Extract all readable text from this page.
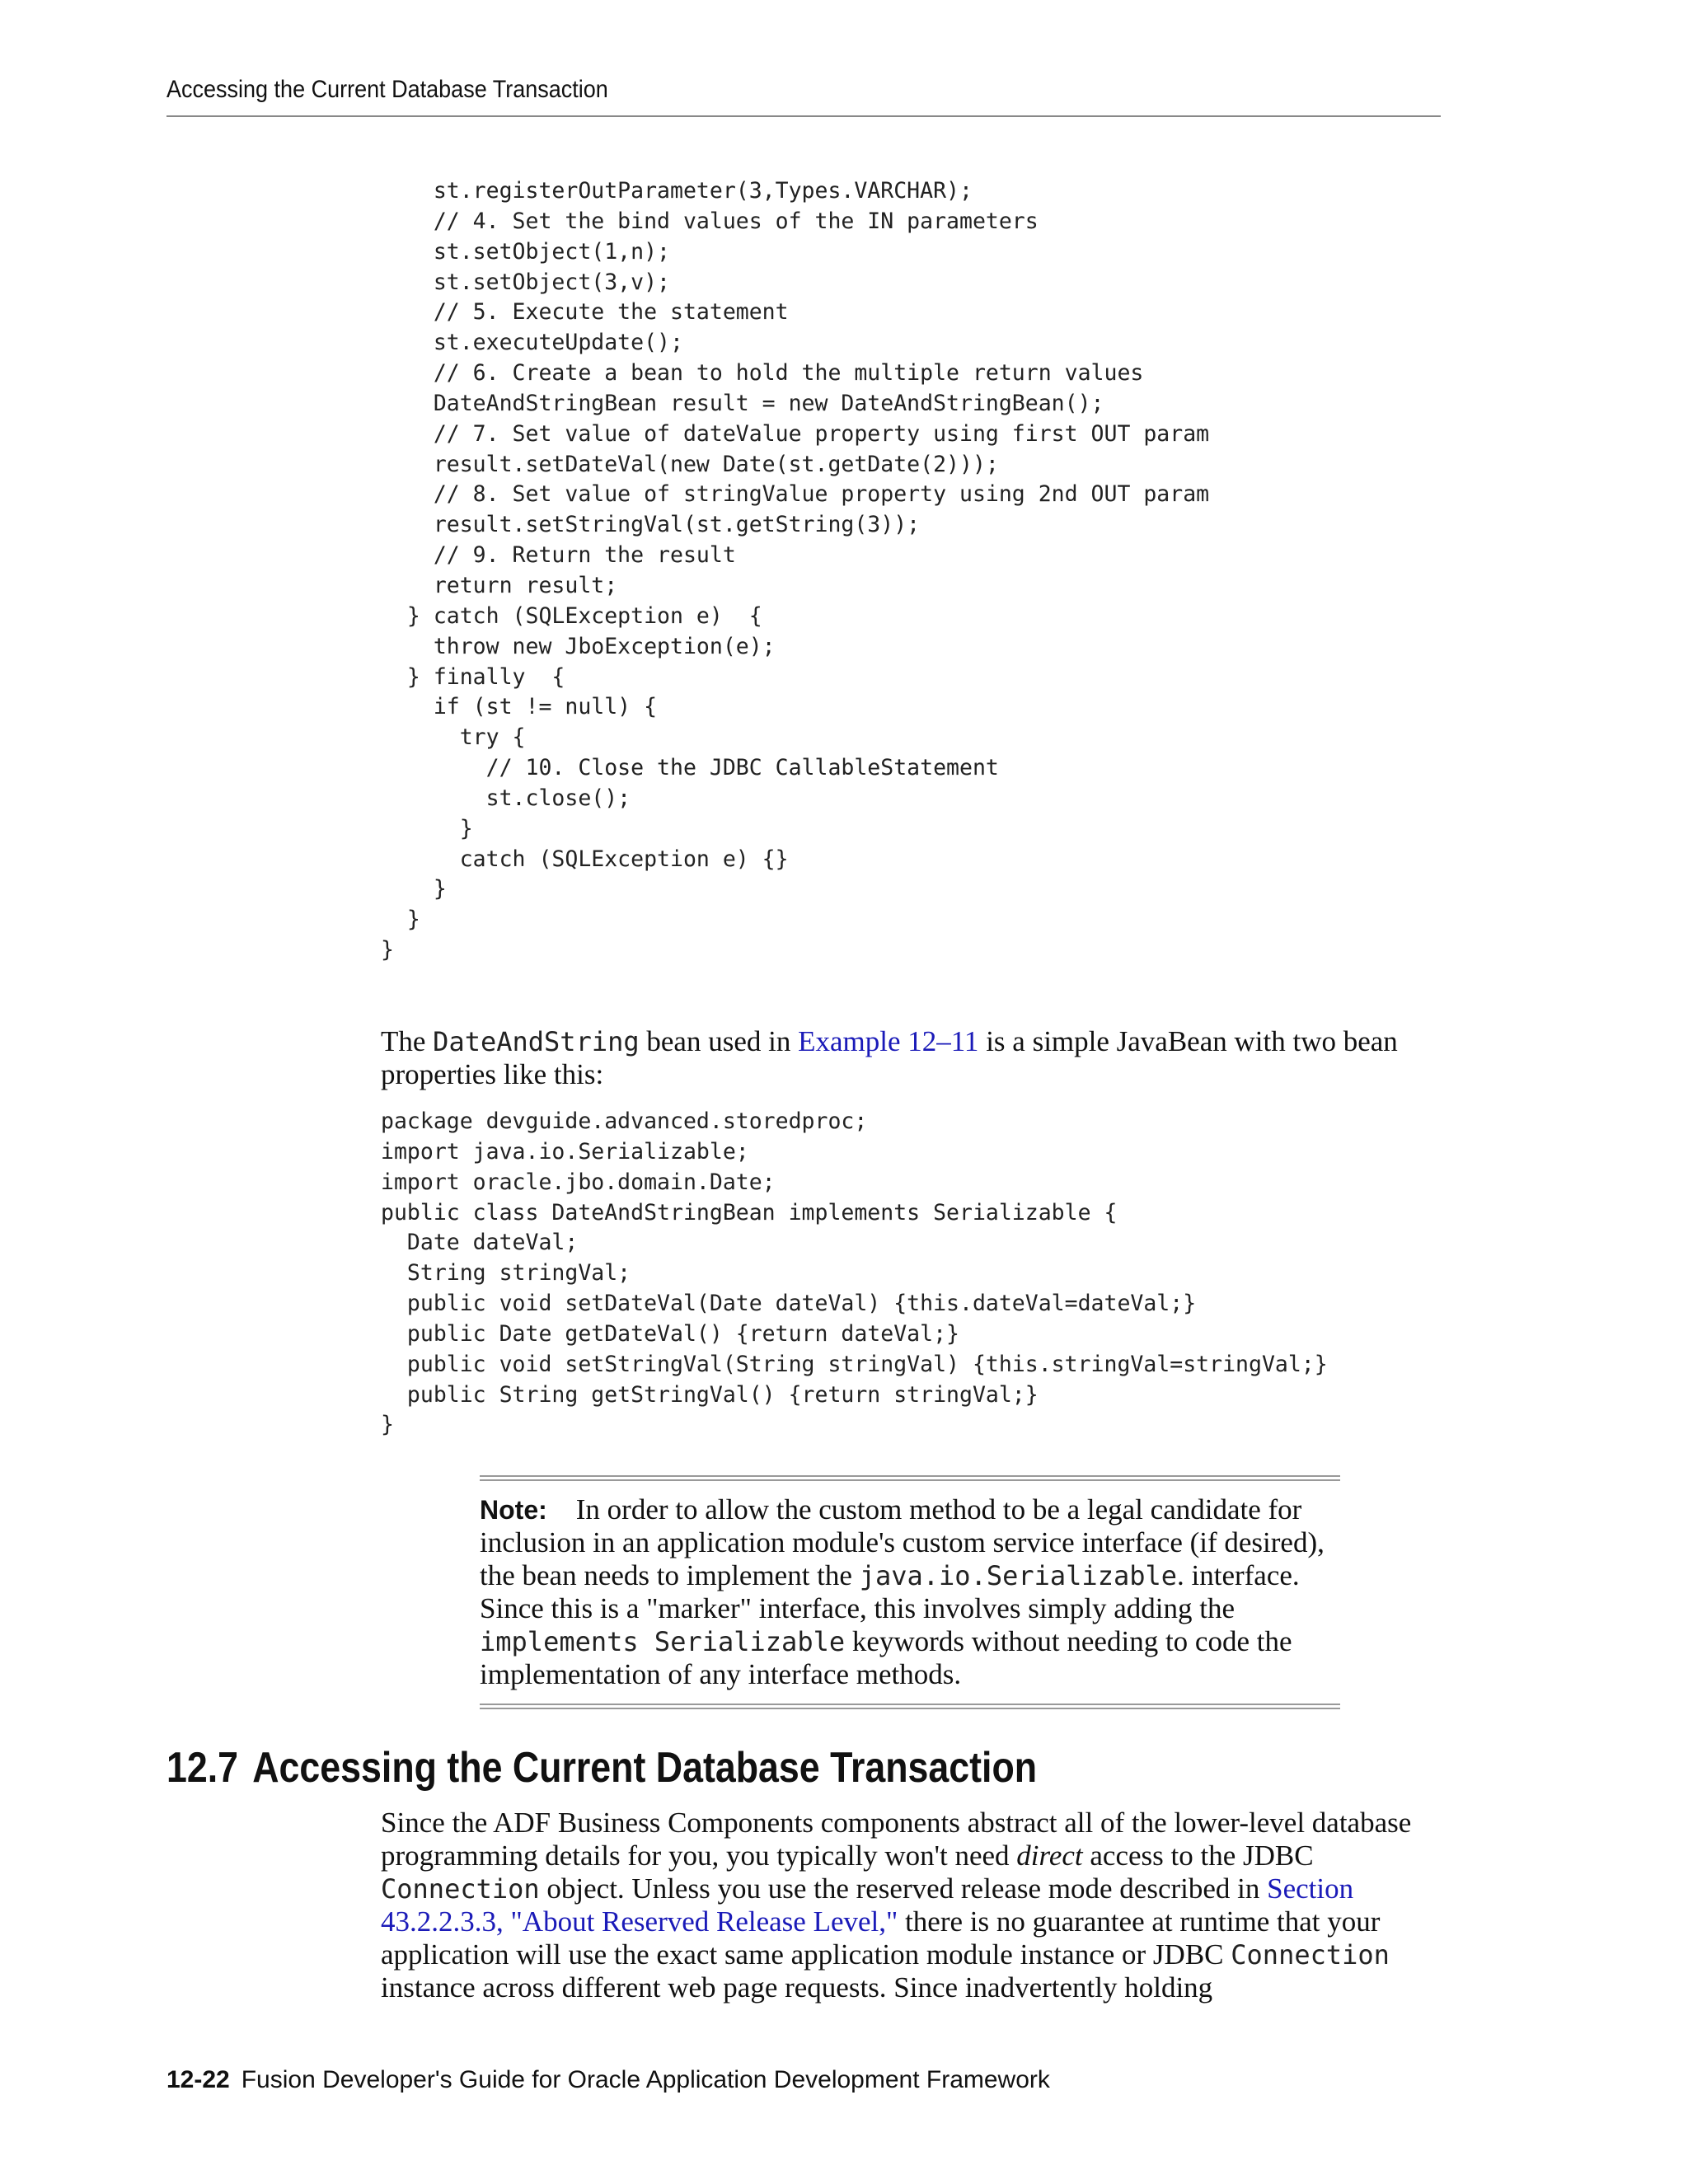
Accessing the Current Database Transaction
st.registerOutParameter(3,Types.VARCHAR);
// 4. Set the bind values of the IN parameters
st.setObject(1,n);
st.setObject(3,v);
// 5. Execute the statement
st.executeUpdate();
// 6. Create a bean to hold the multiple return values
DateAndStringBean result = new DateAndStringBean();
// 7. Set value of dateValue property using first OUT param
result.setDateVal(new Date(st.getDate(2)));
// 8. Set value of stringValue property using 2nd OUT param
result.setStringVal(st.getString(3));
// 9. Return the result
return result;
} catch (SQLException e)  {
throw new JboException(e);
} finally  {
if (st != null) {
try {
// 10. Close the JDBC CallableStatement
st.close();
}
catch (SQLException e) {}
}
}
}

The DateAndString bean used in Example 12–11 is a simple JavaBean with two bean properties like this:

package devguide.advanced.storedproc;
import java.io.Serializable;
import oracle.jbo.domain.Date;
public class DateAndStringBean implements Serializable {
Date dateVal;
String stringVal;
public void setDateVal(Date dateVal) {this.dateVal=dateVal;}
public Date getDateVal() {return dateVal;}
public void setStringVal(String stringVal) {this.stringVal=stringVal;}
public String getStringVal() {return stringVal;}
}

Note: In order to allow the custom method to be a legal candidate for inclusion in an application module's custom service interface (if desired), the bean needs to implement the java.io.Serializable. interface. Since this is a "marker" interface, this involves simply adding the implements Serializable keywords without needing to code the implementation of any interface methods.

12.7 Accessing the Current Database Transaction

Since the ADF Business Components components abstract all of the lower-level database programming details for you, you typically won't need direct access to the JDBC Connection object. Unless you use the reserved release mode described in Section 43.2.2.3.3, "About Reserved Release Level," there is no guarantee at runtime that your application will use the exact same application module instance or JDBC Connection instance across different web page requests. Since inadvertently holding

12-22 Fusion Developer's Guide for Oracle Application Development Framework
